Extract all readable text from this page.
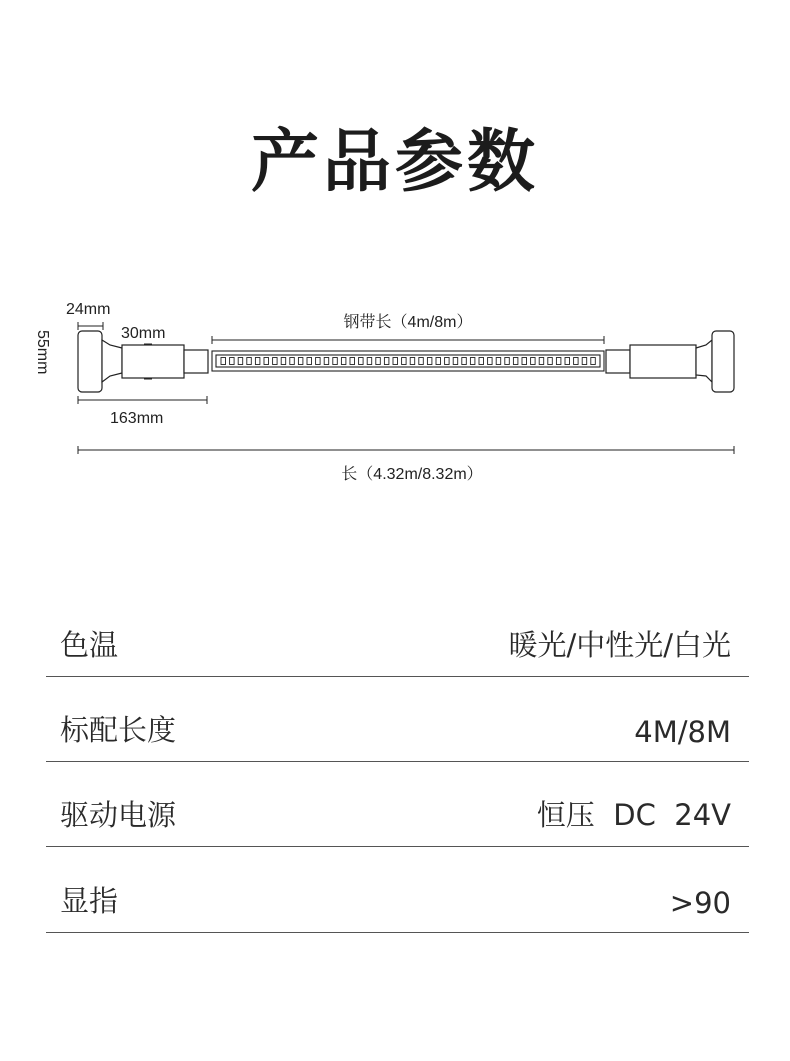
产品参数
24mm
30mm
55mm
钢带长（4m/8m）
163mm
长（4.32m/8.32m）
色温	暖光/中性光/白光
标配长度	4M/8M
驱动电源	恒压  DC  24V
显指	>90
